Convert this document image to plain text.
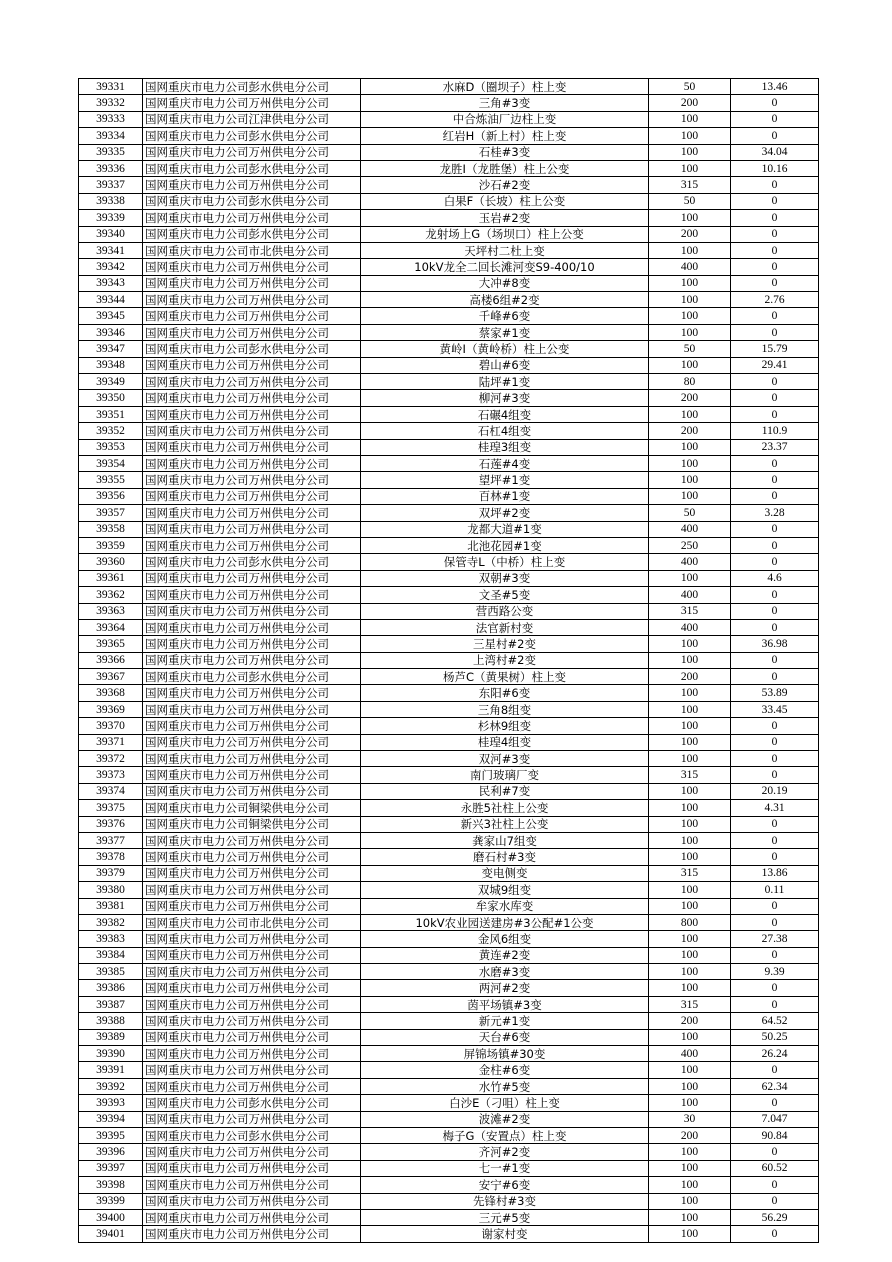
39331	国网重庆市电力公司彭水供电分公司	水麻D（圈坝子）柱上变	50	13.46
39332	国网重庆市电力公司万州供电分公司	三角#3变	200	0
39333	国网重庆市电力公司江津供电分公司	中合炼油厂边柱上变	100	0
39334	国网重庆市电力公司彭水供电分公司	红岩H（新上村）柱上变	100	0
39335	国网重庆市电力公司万州供电分公司	石桂#3变	100	34.04
39336	国网重庆市电力公司彭水供电分公司	龙胜I（龙胜堡）柱上公变	100	10.16
39337	国网重庆市电力公司万州供电分公司	沙石#2变	315	0
39338	国网重庆市电力公司彭水供电分公司	白果F（长坡）柱上公变	50	0
39339	国网重庆市电力公司万州供电分公司	玉岩#2变	100	0
39340	国网重庆市电力公司彭水供电分公司	龙射场上G（场坝口）柱上公变	200	0
39341	国网重庆市电力公司市北供电分公司	天坪村二杜上变	100	0
39342	国网重庆市电力公司万州供电分公司	10kV龙全二回长滩河变S9-400/10	400	0
39343	国网重庆市电力公司万州供电分公司	大冲#8变	100	0
39344	国网重庆市电力公司万州供电分公司	高楼6组#2变	100	2.76
39345	国网重庆市电力公司万州供电分公司	千峰#6变	100	0
39346	国网重庆市电力公司万州供电分公司	蔡家#1变	100	0
39347	国网重庆市电力公司彭水供电分公司	黄岭I（黄岭桥）柱上公变	50	15.79
39348	国网重庆市电力公司万州供电分公司	碧山#6变	100	29.41
39349	国网重庆市电力公司万州供电分公司	陆坪#1变	80	0
39350	国网重庆市电力公司万州供电分公司	柳河#3变	200	0
39351	国网重庆市电力公司万州供电分公司	石碾4组变	100	0
39352	国网重庆市电力公司万州供电分公司	石杠4组变	200	110.9
39353	国网重庆市电力公司万州供电分公司	桂瑝3组变	100	23.37
39354	国网重庆市电力公司万州供电分公司	石莲#4变	100	0
39355	国网重庆市电力公司万州供电分公司	望坪#1变	100	0
39356	国网重庆市电力公司万州供电分公司	百林#1变	100	0
39357	国网重庆市电力公司万州供电分公司	双坪#2变	50	3.28
39358	国网重庆市电力公司万州供电分公司	龙都大道#1变	400	0
39359	国网重庆市电力公司万州供电分公司	北池花园#1变	250	0
39360	国网重庆市电力公司彭水供电分公司	保管寺L（中桥）柱上变	400	0
39361	国网重庆市电力公司万州供电分公司	双朝#3变	100	4.6
39362	国网重庆市电力公司万州供电分公司	文圣#5变	400	0
39363	国网重庆市电力公司万州供电分公司	营西路公变	315	0
39364	国网重庆市电力公司万州供电分公司	法官新村变	400	0
39365	国网重庆市电力公司万州供电分公司	三星村#2变	100	36.98
39366	国网重庆市电力公司万州供电分公司	上湾村#2变	100	0
39367	国网重庆市电力公司彭水供电分公司	杨芦C（黄果树）柱上变	200	0
39368	国网重庆市电力公司万州供电分公司	东阳#6变	100	53.89
39369	国网重庆市电力公司万州供电分公司	三角8组变	100	33.45
39370	国网重庆市电力公司万州供电分公司	杉林9组变	100	0
39371	国网重庆市电力公司万州供电分公司	桂瑝4组变	100	0
39372	国网重庆市电力公司万州供电分公司	双河#3变	100	0
39373	国网重庆市电力公司万州供电分公司	南门玻璃厂变	315	0
39374	国网重庆市电力公司万州供电分公司	民利#7变	100	20.19
39375	国网重庆市电力公司铜梁供电分公司	永胜5社柱上公变	100	4.31
39376	国网重庆市电力公司铜梁供电分公司	新兴3社柱上公变	100	0
39377	国网重庆市电力公司万州供电分公司	龚家山7组变	100	0
39378	国网重庆市电力公司万州供电分公司	磨石村#3变	100	0
39379	国网重庆市电力公司万州供电分公司	变电侧变	315	13.86
39380	国网重庆市电力公司万州供电分公司	双城9组变	100	0.11
39381	国网重庆市电力公司万州供电分公司	牟家水库变	100	0
39382	国网重庆市电力公司市北供电分公司	10kV农业园送建房#3公配#1公变	800	0
39383	国网重庆市电力公司万州供电分公司	金风6组变	100	27.38
39384	国网重庆市电力公司万州供电分公司	黄连#2变	100	0
39385	国网重庆市电力公司万州供电分公司	水磨#3变	100	9.39
39386	国网重庆市电力公司万州供电分公司	两河#2变	100	0
39387	国网重庆市电力公司万州供电分公司	茵平场镇#3变	315	0
39388	国网重庆市电力公司万州供电分公司	新元#1变	200	64.52
39389	国网重庆市电力公司万州供电分公司	天台#6变	100	50.25
39390	国网重庆市电力公司万州供电分公司	屏锦场镇#30变	400	26.24
39391	国网重庆市电力公司万州供电分公司	金柱#6变	100	0
39392	国网重庆市电力公司万州供电分公司	水竹#5变	100	62.34
39393	国网重庆市电力公司彭水供电分公司	白沙E（刁咀）柱上变	100	0
39394	国网重庆市电力公司万州供电分公司	波滩#2变	30	7.047
39395	国网重庆市电力公司彭水供电分公司	梅子G（安置点）柱上变	200	90.84
39396	国网重庆市电力公司万州供电分公司	齐河#2变	100	0
39397	国网重庆市电力公司万州供电分公司	七一#1变	100	60.52
39398	国网重庆市电力公司万州供电分公司	安宁#6变	100	0
39399	国网重庆市电力公司万州供电分公司	先锋村#3变	100	0
39400	国网重庆市电力公司万州供电分公司	三元#5变	100	56.29
39401	国网重庆市电力公司万州供电分公司	谢家村变	100	0
